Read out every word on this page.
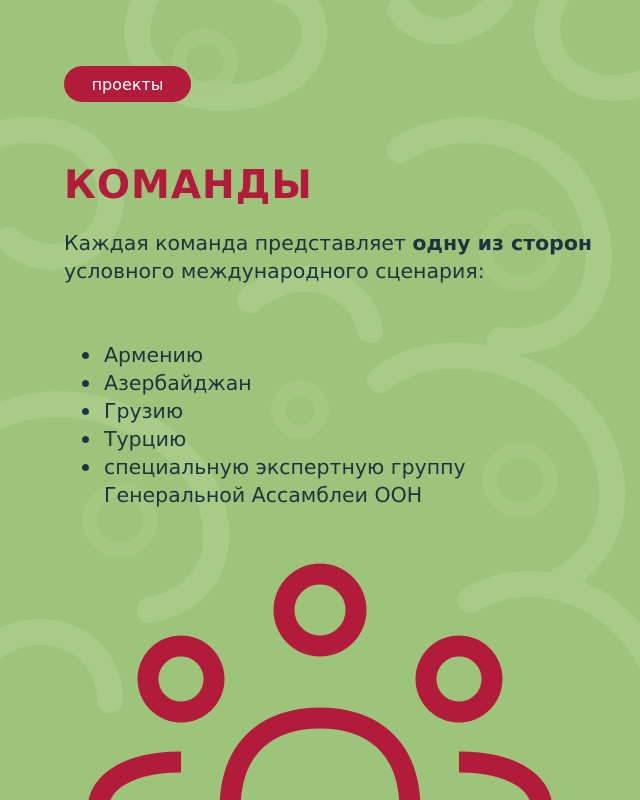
проекты
КОМАНДЫ

Каждая команда представляет одну из сторон условного международного сценария:

Армению
Азербайджан
Грузию
Турцию
специальную экспертную группу Генеральной Ассамблеи ООН
